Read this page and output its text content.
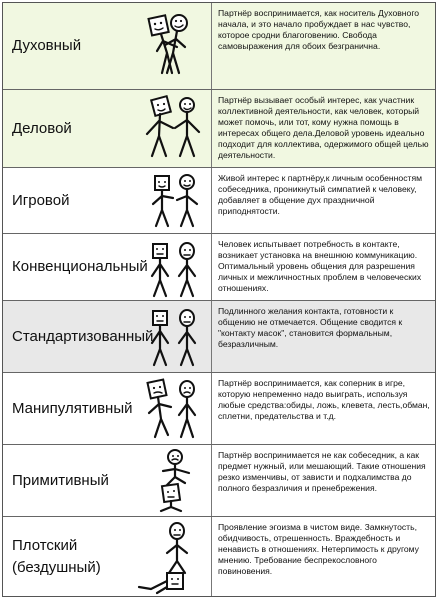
Духовный

Партнёр воспринимается, как носитель Духовного начала, и это начало пробуждает в нас чувство, которое сродни благоговению. Свобода самовыражения для обоих безгранична.

Деловой

Партнёр вызывает особый интерес, как участник коллективной деятельности, как человек, который может помочь, или тот, кому нужна помощь в интересах общего дела.Деловой уровень идеально подходит для коллектива, одержимого общей целью деятельности.

Игровой

Живой интерес к партнёру,к личным особенностям собеседника, проникнутый симпатией к человеку, добавляет в общение дух праздничной приподнятости.

Конвенциональный

Человек испытывает потребность в контакте, возникает установка на внешнюю коммуникацию. Оптимальный уровень общения для разрешения личных и межличностных проблем в человеческих отношениях.

Стандартизованный

Подлинного желания контакта, готовности к общению не отмечается. Общение сводится к "контакту масок", становится формальным, безразличным.

Манипулятивный

Партнёр воспринимается, как соперник в игре, которую непременно надо выиграть, используя любые средства:обиды, ложь, клевета, лесть,обман, сплетни, предательства и т.д.

Примитивный

Партнёр воспринимается не как собеседник, а как предмет нужный, или мешающий. Такие отношения резко изменчивы, от зависти и подхалимства до полного безразличия и пренебрежения.

Плотский
(бездушный)

Проявление эгоизма в чистом виде. Замкнутость, обидчивость, отрешенность. Враждебность и ненависть в отношениях. Нетерпимость к другому мнению. Требование беспрекословного повиновения.
